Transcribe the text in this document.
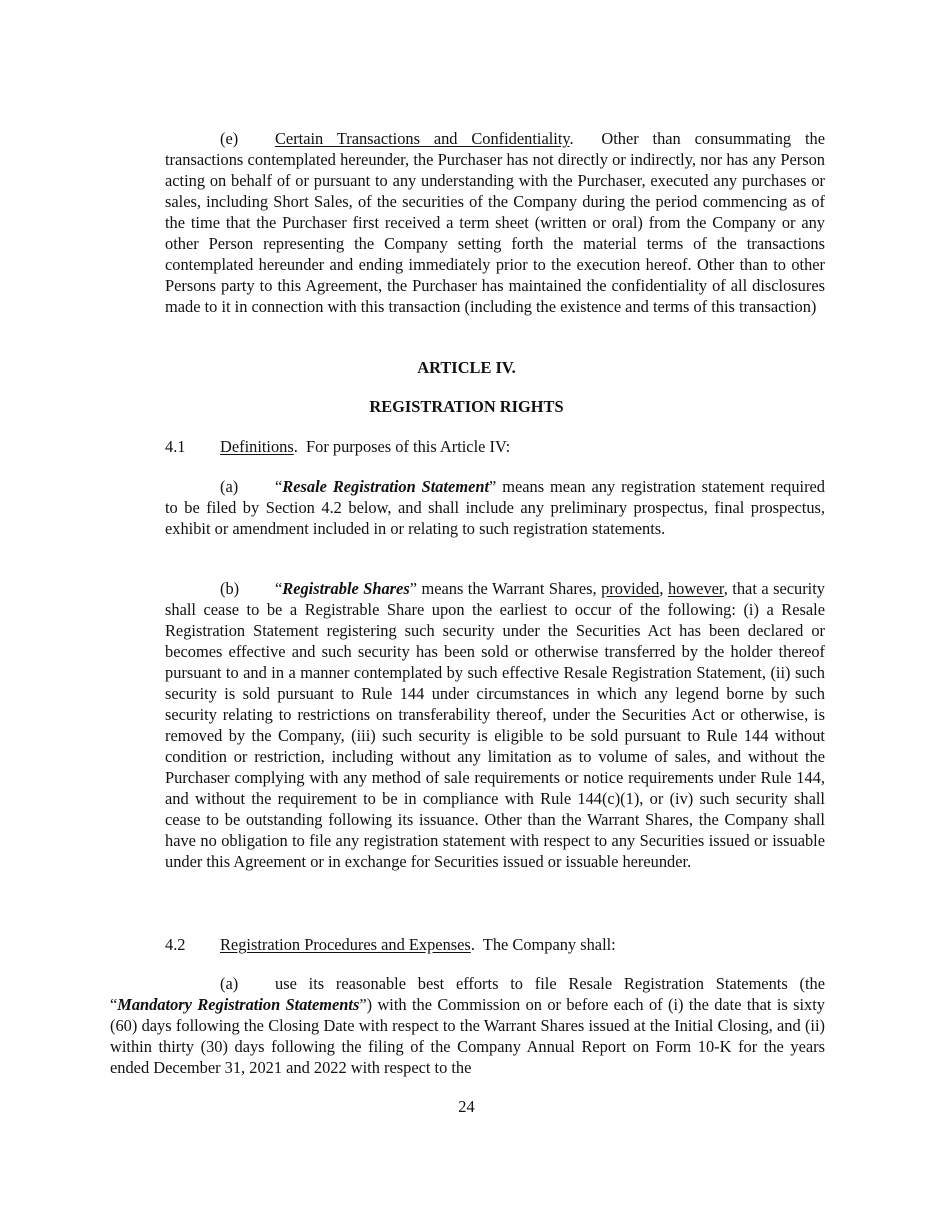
(e) Certain Transactions and Confidentiality. Other than consummating the transactions contemplated hereunder, the Purchaser has not directly or indirectly, nor has any Person acting on behalf of or pursuant to any understanding with the Purchaser, executed any purchases or sales, including Short Sales, of the securities of the Company during the period commencing as of the time that the Purchaser first received a term sheet (written or oral) from the Company or any other Person representing the Company setting forth the material terms of the transactions contemplated hereunder and ending immediately prior to the execution hereof. Other than to other Persons party to this Agreement, the Purchaser has maintained the confidentiality of all disclosures made to it in connection with this transaction (including the existence and terms of this transaction)
ARTICLE IV.
REGISTRATION RIGHTS
4.1 Definitions.  For purposes of this Article IV:
(a) “Resale Registration Statement” means mean any registration statement required to be filed by Section 4.2 below, and shall include any preliminary prospectus, final prospectus, exhibit or amendment included in or relating to such registration statements.
(b) “Registrable Shares” means the Warrant Shares, provided, however, that a security shall cease to be a Registrable Share upon the earliest to occur of the following: (i) a Resale Registration Statement registering such security under the Securities Act has been declared or becomes effective and such security has been sold or otherwise transferred by the holder thereof pursuant to and in a manner contemplated by such effective Resale Registration Statement, (ii) such security is sold pursuant to Rule 144 under circumstances in which any legend borne by such security relating to restrictions on transferability thereof, under the Securities Act or otherwise, is removed by the Company, (iii) such security is eligible to be sold pursuant to Rule 144 without condition or restriction, including without any limitation as to volume of sales, and without the Purchaser complying with any method of sale requirements or notice requirements under Rule 144, and without the requirement to be in compliance with Rule 144(c)(1), or (iv) such security shall cease to be outstanding following its issuance. Other than the Warrant Shares, the Company shall have no obligation to file any registration statement with respect to any Securities issued or issuable under this Agreement or in exchange for Securities issued or issuable hereunder.
4.2 Registration Procedures and Expenses.  The Company shall:
(a) use its reasonable best efforts to file Resale Registration Statements (the “Mandatory Registration Statements”) with the Commission on or before each of (i) the date that is sixty (60) days following the Closing Date with respect to the Warrant Shares issued at the Initial Closing, and (ii) within thirty (30) days following the filing of the Company Annual Report on Form 10-K for the years ended December 31, 2021 and 2022 with respect to the
24
